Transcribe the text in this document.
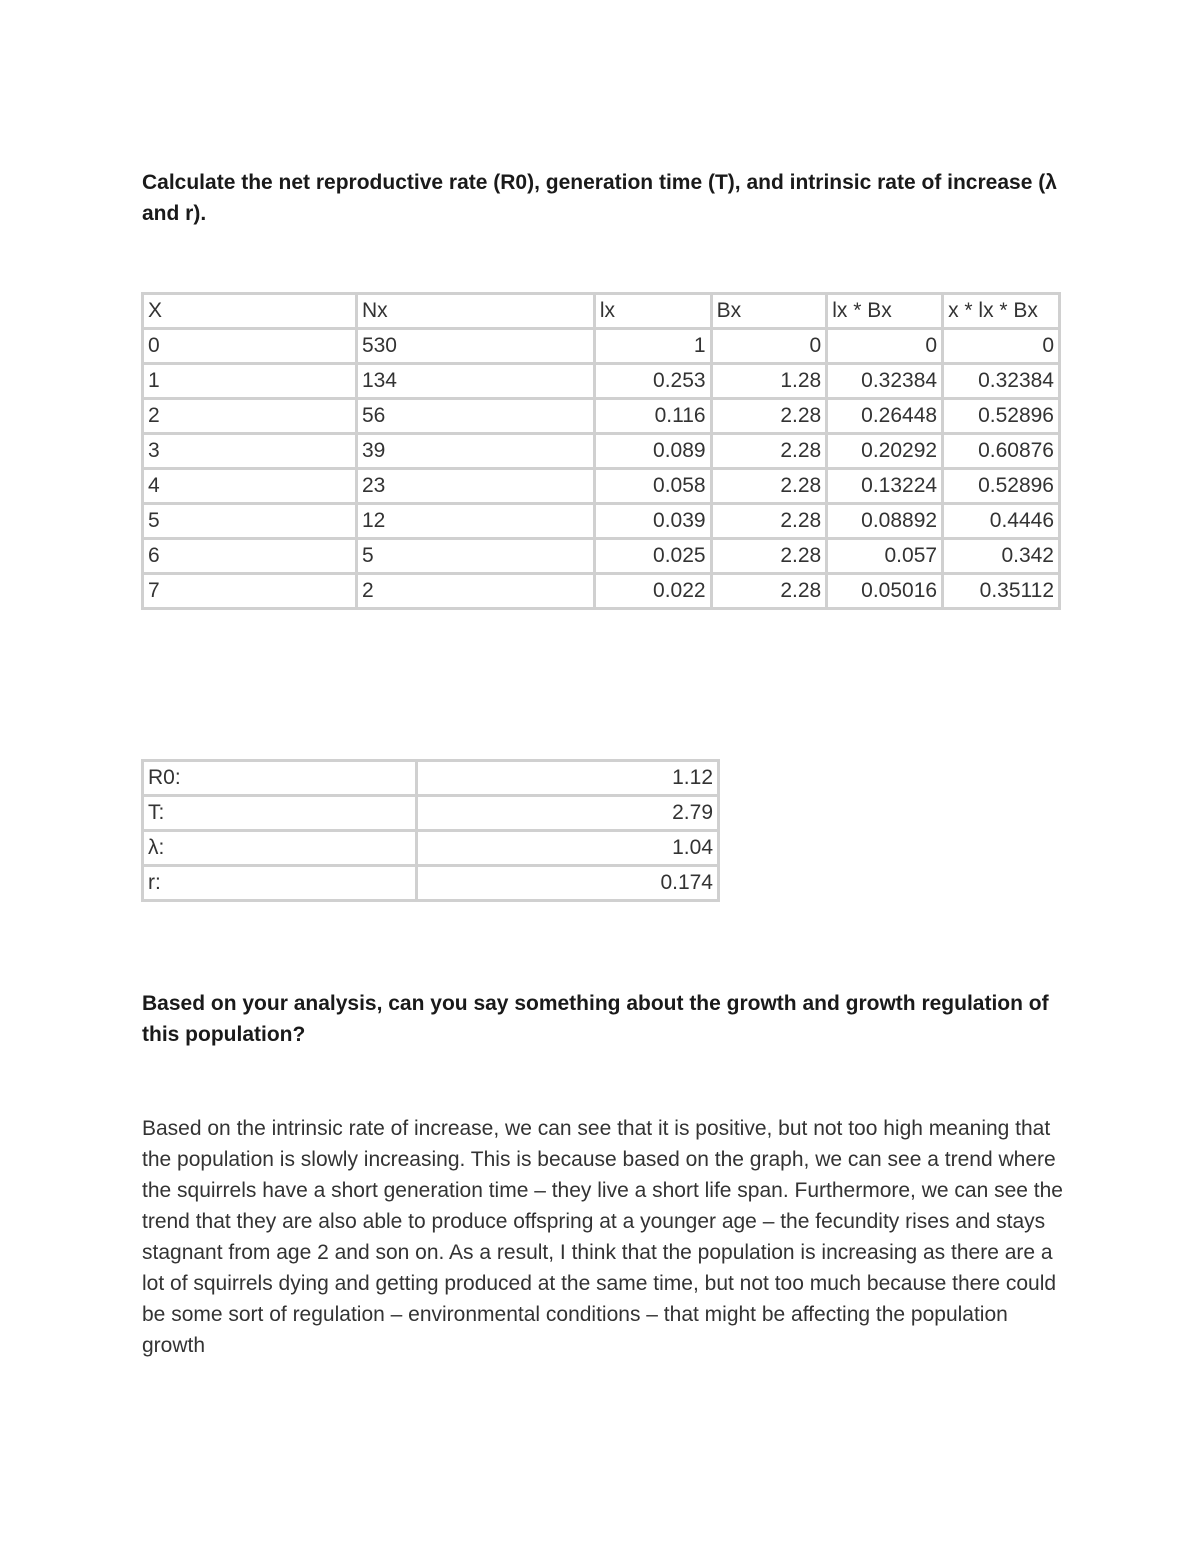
Calculate the net reproductive rate (R0), generation time (T), and intrinsic rate of increase (λ and r).
X	Nx	lx	Bx	lx * Bx	x * lx * Bx
0	530	1	0	0	0
1	134	0.253	1.28	0.32384	0.32384
2	56	0.116	2.28	0.26448	0.52896
3	39	0.089	2.28	0.20292	0.60876
4	23	0.058	2.28	0.13224	0.52896
5	12	0.039	2.28	0.08892	0.4446
6	5	0.025	2.28	0.057	0.342
7	2	0.022	2.28	0.05016	0.35112
R0:	1.12
T:	2.79
λ:	1.04
r:	0.174
Based on your analysis, can you say something about the growth and growth regulation of this population?

Based on the intrinsic rate of increase, we can see that it is positive, but not too high meaning that the population is slowly increasing. This is because based on the graph, we can see a trend where the squirrels have a short generation time – they live a short life span. Furthermore, we can see the trend that they are also able to produce offspring at a younger age – the fecundity rises and stays stagnant from age 2 and son on. As a result, I think that the population is increasing as there are a lot of squirrels dying and getting produced at the same time, but not too much because there could be some sort of regulation – environmental conditions – that might be affecting the population growth
